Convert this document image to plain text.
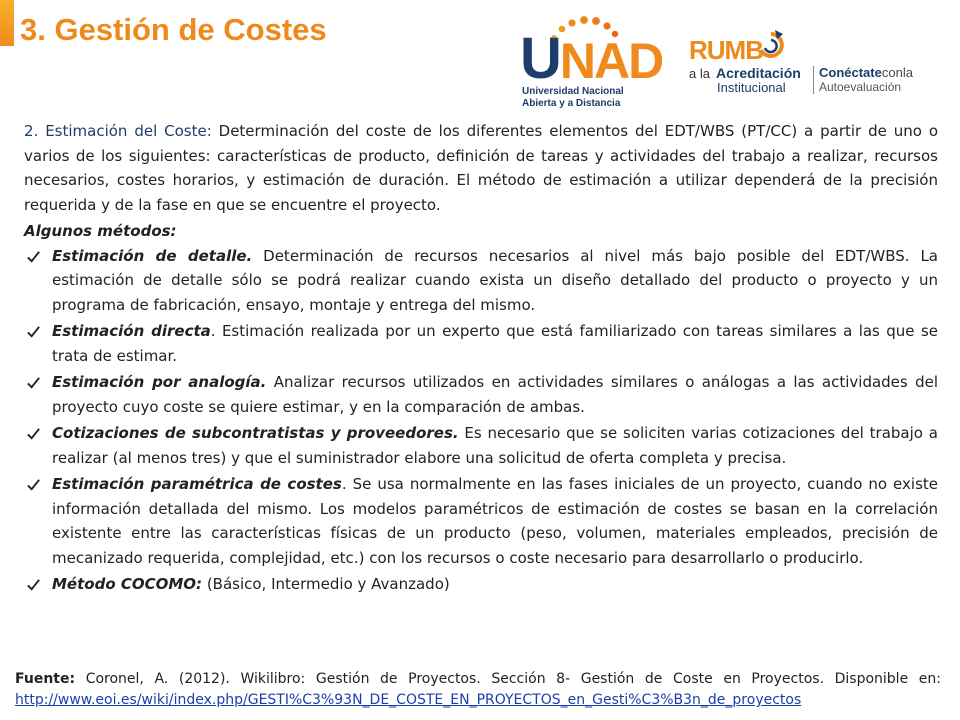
3. Gestión de Costes	UNAD
Universidad Nacional
Abierta y a Distancia
RUMB
a la Acreditación
Institucional
Conéctateconla
Autoevaluación

2. Estimación del Coste: Determinación del coste de los diferentes elementos del EDT/WBS (PT/CC) a partir de uno o varios de los siguientes: características de producto, definición de tareas y actividades del trabajo a realizar, recursos necesarios, costes horarios, y estimación de duración. El método de estimación a utilizar dependerá de la precisión requerida y de la fase en que se encuentre el proyecto.

Algunos métodos:

Estimación de detalle. Determinación de recursos necesarios al nivel más bajo posible del EDT/WBS. La estimación de detalle sólo se podrá realizar cuando exista un diseño detallado del producto o proyecto y un programa de fabricación, ensayo, montaje y entrega del mismo.
Estimación directa. Estimación realizada por un experto que está familiarizado con tareas similares a las que se trata de estimar.
Estimación por analogía. Analizar recursos utilizados en actividades similares o análogas a las actividades del proyecto cuyo coste se quiere estimar, y en la comparación de ambas.
Cotizaciones de subcontratistas y proveedores. Es necesario que se soliciten varias cotizaciones del trabajo a realizar (al menos tres) y que el suministrador elabore una solicitud de oferta completa y precisa.
Estimación paramétrica de costes. Se usa normalmente en las fases iniciales de un proyecto, cuando no existe información detallada del mismo. Los modelos paramétricos de estimación de costes se basan en la correlación existente entre las características físicas de un producto (peso, volumen, materiales empleados, precisión de mecanizado requerida, complejidad, etc.) con los recursos o coste necesario para desarrollarlo o producirlo.
Método COCOMO: (Básico, Intermedio y Avanzado)
Fuente: Coronel, A. (2012). Wikilibro: Gestión de Proyectos. Sección 8- Gestión de Coste en Proyectos. Disponible en: http://www.eoi.es/wiki/index.php/GESTI%C3%93N_DE_COSTE_EN_PROYECTOS_en_Gesti%C3%B3n_de_proyectos
